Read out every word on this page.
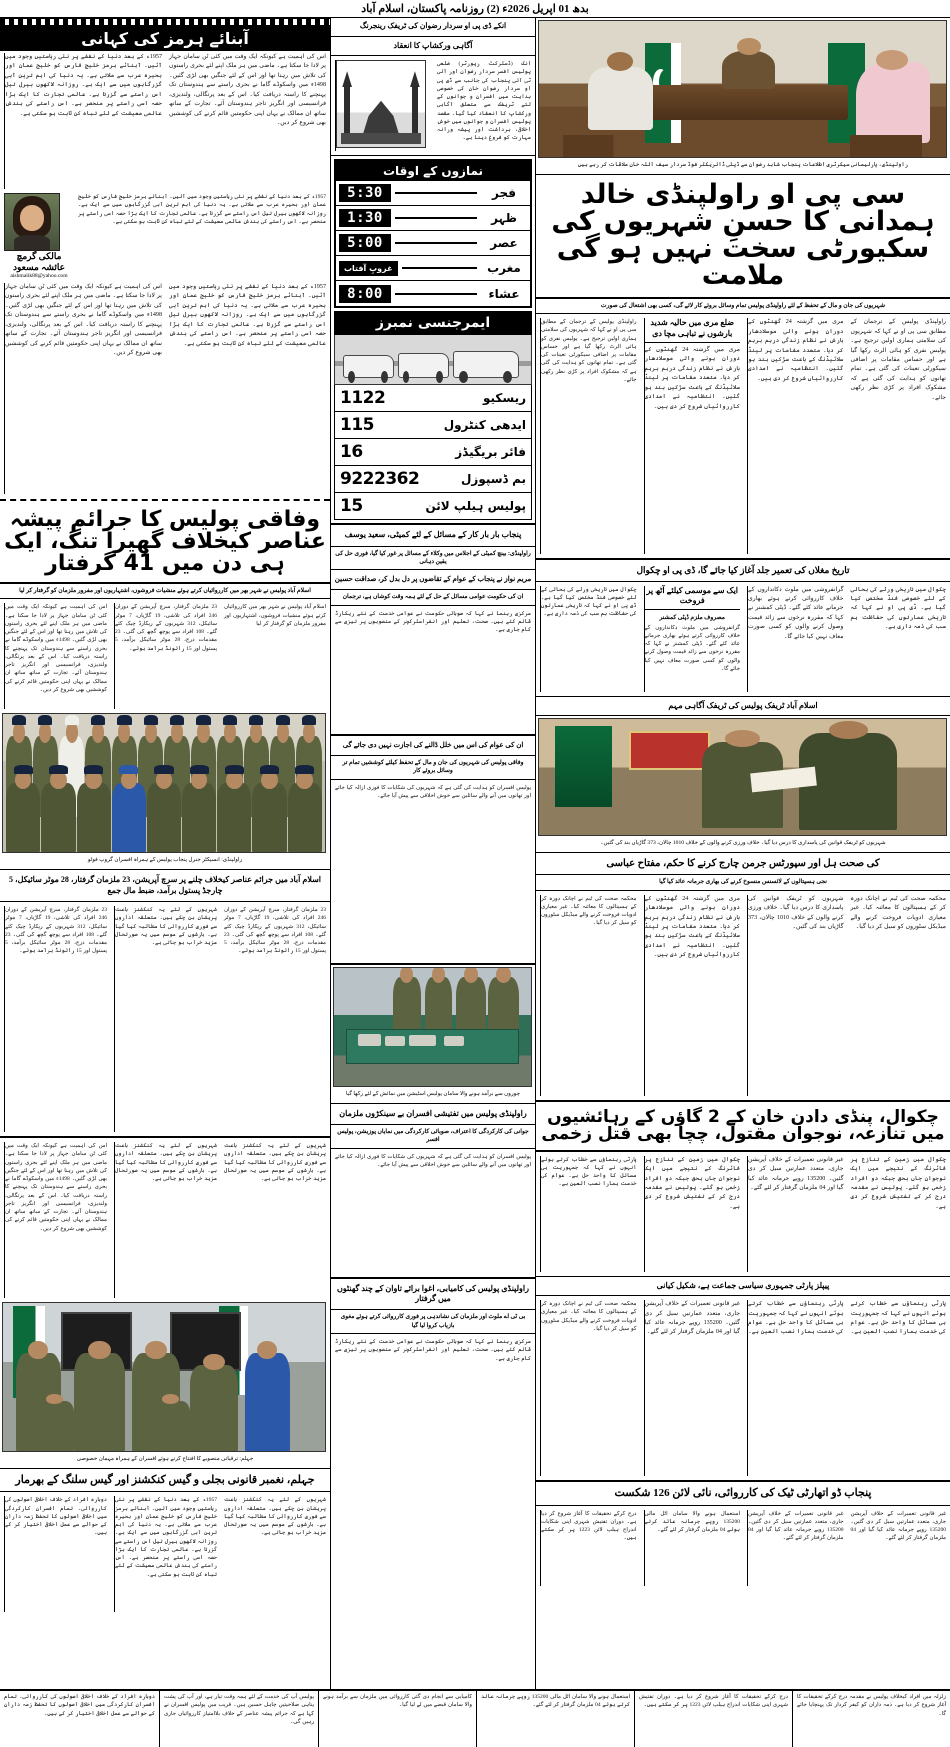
بدھ 01 اپریل 2026ء (2) روزنامہ پاکستان، اسلام آباد
راولپنڈی، پارلیمانی سیکرٹری اطلاعات پنجاب شاہد رضوان سے ڈپٹی ڈائریکٹر فوڈ سردار سیف اللہ خان ملاقات کر رہے ہیں
سی پی او راولپنڈی خالد ہمدانی کا حسنِ شہریوں کی سکیورٹی سخت نہیں ہو گی ملامت
شہریوں کی جان و مال کے تحفظ کے لئے راولپنڈی پولیس تمام وسائل بروئے کار لائے گی، کسی بھی اشتعال کی صورت
راولپنڈی پولیس کے ترجمان کے مطابق سی پی او نے کہا کہ شہریوں کی سلامتی ہماری اولین ترجیح ہے۔ پولیس نفری کو ہائی الرٹ رکھا گیا ہے اور حساس مقامات پر اضافی سیکورٹی تعینات کی گئی ہے۔ تمام تھانوں کو ہدایت کی گئی ہے کہ مشکوک افراد پر کڑی نظر رکھی جائے۔
مری میں گزشتہ 24 گھنٹوں کے دوران ہونے والی موسلادھار بارش نے نظام زندگی درہم برہم کر دیا۔ متعدد مقامات پر لینڈ سلائیڈنگ کے باعث سڑکیں بند ہو گئیں۔ انتظامیہ نے امدادی کارروائیاں شروع کر دی ہیں۔
ضلع مری میں حالیہ شدید بارشوں نے تباہی مچا دی
مری میں گزشتہ 24 گھنٹوں کے دوران ہونے والی موسلادھار بارش نے نظام زندگی درہم برہم کر دیا۔ متعدد مقامات پر لینڈ سلائیڈنگ کے باعث سڑکیں بند ہو گئیں۔ انتظامیہ نے امدادی کارروائیاں شروع کر دی ہیں۔
راولپنڈی پولیس کے ترجمان کے مطابق سی پی او نے کہا کہ شہریوں کی سلامتی ہماری اولین ترجیح ہے۔ پولیس نفری کو ہائی الرٹ رکھا گیا ہے اور حساس مقامات پر اضافی سیکورٹی تعینات کی گئی ہے۔ تمام تھانوں کو ہدایت کی گئی ہے کہ مشکوک افراد پر کڑی نظر رکھی جائے۔
تاریخ مغلاں کی تعمیر جلد آغاز کیا جائے گا، ڈی پی او چکوال
چکوال میں تاریخی ورثے کی بحالی کے لئے خصوصی فنڈ مختص کیا گیا ہے۔ ڈی پی او نے کہا کہ تاریخی عمارتوں کی حفاظت ہم سب کی ذمہ داری ہے۔
گرانفروشی میں ملوث دکانداروں کے خلاف کارروائی کرتے ہوئے بھاری جرمانے عائد کئے گئے۔ ڈپٹی کمشنر نے کہا کہ مقررہ نرخوں سے زائد قیمت وصول کرنے والوں کو کسی صورت معاف نہیں کیا جائے گا۔
ایک سے موسمی کیلئے آٹھ پر فروخت
مصروف ملزم ڈپٹی کمشنر
گرانفروشی میں ملوث دکانداروں کے خلاف کارروائی کرتے ہوئے بھاری جرمانے عائد کئے گئے۔ ڈپٹی کمشنر نے کہا کہ مقررہ نرخوں سے زائد قیمت وصول کرنے والوں کو کسی صورت معاف نہیں کیا جائے گا۔
چکوال میں تاریخی ورثے کی بحالی کے لئے خصوصی فنڈ مختص کیا گیا ہے۔ ڈی پی او نے کہا کہ تاریخی عمارتوں کی حفاظت ہم سب کی ذمہ داری ہے۔
اسلام آباد ٹریفک پولیس کی ٹریفک آگاہی مہم
شہریوں کو ٹریفک قوانین کی پاسداری کا درس دیا گیا۔ خلاف ورزی کرنے والوں کے خلاف 1010 چالان، 373 گاڑیاں بند کی گئیں۔
کی صحت ہل اور سپورٹس جرمن چارج کرنے کا حکم، مفتاح عباسی
نجی ہسپتالوں کے لائسنس منسوخ کرنے کی بھاری جرمانہ عائد کیا گیا
محکمہ صحت کی ٹیم نے اچانک دورہ کر کے ہسپتالوں کا معائنہ کیا۔ غیر معیاری ادویات فروخت کرنے والے میڈیکل سٹوروں کو سیل کر دیا گیا۔
شہریوں کو ٹریفک قوانین کی پاسداری کا درس دیا گیا۔ خلاف ورزی کرنے والوں کے خلاف 1010 چالان، 373 گاڑیاں بند کی گئیں۔
مری میں گزشتہ 24 گھنٹوں کے دوران ہونے والی موسلادھار بارش نے نظام زندگی درہم برہم کر دیا۔ متعدد مقامات پر لینڈ سلائیڈنگ کے باعث سڑکیں بند ہو گئیں۔ انتظامیہ نے امدادی کارروائیاں شروع کر دی ہیں۔
محکمہ صحت کی ٹیم نے اچانک دورہ کر کے ہسپتالوں کا معائنہ کیا۔ غیر معیاری ادویات فروخت کرنے والے میڈیکل سٹوروں کو سیل کر دیا گیا۔
چکوال، پنڈی دادن خان کے 2 گاؤں کے رہائشیوں میں تنازعہ، نوجوان مقتول، چچا بھی قتل زخمی
چکوال میں زمین کے تنازع پر فائرنگ کے نتیجے میں ایک نوجوان جاں بحق جبکہ دو افراد زخمی ہو گئے۔ پولیس نے مقدمہ درج کر کے تفتیش شروع کر دی ہے۔
غیر قانونی تعمیرات کے خلاف آپریشن جاری، متعدد عمارتیں سیل کر دی گئیں۔ 135200 روپے جرمانہ عائد کیا گیا اور 04 ملزمان گرفتار کر لئے گئے۔
چکوال میں زمین کے تنازع پر فائرنگ کے نتیجے میں ایک نوجوان جاں بحق جبکہ دو افراد زخمی ہو گئے۔ پولیس نے مقدمہ درج کر کے تفتیش شروع کر دی ہے۔
پارٹی رہنماؤں سے خطاب کرتے ہوئے انہوں نے کہا کہ جمہوریت ہی مسائل کا واحد حل ہے۔ عوام کی خدمت ہمارا نصب العین ہے۔
پیپلز پارٹی جمہوری سیاسی جماعت ہے، شکیل کیانی
پارٹی رہنماؤں سے خطاب کرتے ہوئے انہوں نے کہا کہ جمہوریت ہی مسائل کا واحد حل ہے۔ عوام کی خدمت ہمارا نصب العین ہے۔
پارٹی رہنماؤں سے خطاب کرتے ہوئے انہوں نے کہا کہ جمہوریت ہی مسائل کا واحد حل ہے۔ عوام کی خدمت ہمارا نصب العین ہے۔
غیر قانونی تعمیرات کے خلاف آپریشن جاری، متعدد عمارتیں سیل کر دی گئیں۔ 135200 روپے جرمانہ عائد کیا گیا اور 04 ملزمان گرفتار کر لئے گئے۔
محکمہ صحت کی ٹیم نے اچانک دورہ کر کے ہسپتالوں کا معائنہ کیا۔ غیر معیاری ادویات فروخت کرنے والے میڈیکل سٹوروں کو سیل کر دیا گیا۔
پنجاب ڈو اتھارٹی ٹیک کی کارروائی، نائی لائن 126 شکست
غیر قانونی تعمیرات کے خلاف آپریشن جاری، متعدد عمارتیں سیل کر دی گئیں۔ 135200 روپے جرمانہ عائد کیا گیا اور 04 ملزمان گرفتار کر لئے گئے۔
غیر قانونی تعمیرات کے خلاف آپریشن جاری، متعدد عمارتیں سیل کر دی گئیں۔ 135200 روپے جرمانہ عائد کیا گیا اور 04 ملزمان گرفتار کر لئے گئے۔
استعمال ہونے والا سامان اٹل مالی 135200 روپے جرمانہ عائد کرتے ہوئے 04 ملزمان گرفتار کر لئے گئے۔
درج کرکے تحقیقات کا آغاز شروع کر دیا ہے۔ دوران تفتیش شہری اپنی شکایات اندراج ہیلپ لائن 1223 پر کر سکتے ہیں۔
انکے ڈی پی او سردار رضوان کی ٹریفک رینجرنگ
آگاہی ورکشاپ کا انعقاد
انک (ڈسٹرکٹ رپورٹر) ضلعی پولیس افسر سردار رضوان اور آئی ٹی آئی پنجاب کی جانب سے ڈی پی او سردار رضوان خان کی خصوصی ہدایت میں افسران و جوانوں کے لئے ٹریفک سے متعلق آگاہی ورکشاپ کا انعقاد کیا گیا۔ مقصد پولیس افسران و جوانوں میں خوش اخلاقی، برداشت اور پیشہ ورانہ مہارت کو فروغ دینا ہے۔
نمازوں کے اوقات
فجر
5:30
ظہر
1:30
عصر
5:00
مغرب
غروبِ آفتاب
عشاء
8:00
ایمرجنسی نمبرز
ریسکیو
1122
ایدھی کنٹرول
115
فائر بریگیڈز
16
بم ڈسپوزل
9222362
پولیس ہیلپ لائن
15
پنجاب بار بار کار کے مسائل کے لئے کمیٹی، سعید یوسف
راولپنڈی: بینچ کمیٹی کے اجلاس میں وکلاء کے مسائل پر غور کیا گیا، فوری حل کی یقین دہانی
مریم نواز نے پنجاب کے عوام کے تقاضوں پر دل بدل کر، صداقت حسین
ان کی حکومت عوامی مسائل کے حل کے لئے ہمہ وقت کوشاں ہے، ترجمان
مرکزی رہنما نے کہا کہ صوبائی حکومت نے عوامی خدمت کے نئے ریکارڈ قائم کئے ہیں۔ صحت، تعلیم اور انفراسٹرکچر کے منصوبوں پر تیزی سے کام جاری ہے۔
ان کی عوام کی اس میں خلل ڈالنے کی اجازت نہیں دی جائے گی
وفاقی پولیس کی شہریوں کی جان و مال کے تحفظ کیلئے کوششیں تمام تر وسائل بروئے کار
پولیس افسران کو ہدایت کی گئی ہے کہ شہریوں کی شکایات کا فوری ازالہ کیا جائے اور تھانوں میں آنے والے سائلین سے خوش اخلاقی سے پیش آیا جائے۔
چوروں سے برآمد ہونے والا سامان پولیس اسٹیشن میں نمائش کے لئے رکھا گیا
راولپنڈی پولیس میں تفتیشی افسران بے سینکڑوں ملزمان
جوانی کی کارکردگی کا اعتراف، صوبائی کارکردگی میں نمایاں پوزیشن، پولیس افسر
پولیس افسران کو ہدایت کی گئی ہے کہ شہریوں کی شکایات کا فوری ازالہ کیا جائے اور تھانوں میں آنے والے سائلین سے خوش اخلاقی سے پیش آیا جائے۔
راولپنڈی پولیس کی کامیابی، اغوا برائے تاوان کے چند گھنٹوں میں گرفتار
بی ٹی اے ملوث اور ملزمان کی نشاندہی پر فوری کارروائی کرتے ہوئے مغوی بازیاب کروا لیا گیا
مرکزی رہنما نے کہا کہ صوبائی حکومت نے عوامی خدمت کے نئے ریکارڈ قائم کئے ہیں۔ صحت، تعلیم اور انفراسٹرکچر کے منصوبوں پر تیزی سے کام جاری ہے۔
آبنائے ہرمز کی کہانی
اس کی اہمیت ہے کیونکہ ایک وقت میں کئی ٹن سامان جہاز پر لادا جا سکتا ہے۔ ماضی میں ہر ملک اپنے لئے بحری راستوں کی تلاش میں رہتا تھا اور اس کے لئے جنگیں بھی لڑی گئیں۔ 1498ء میں واسکوڈے گاما نے بحری راستے سے ہندوستان تک پہنچنے کا راستہ دریافت کیا۔ اس کے بعد پرتگالی، ولندیزی، فرانسیسی اور انگریز تاجر ہندوستان آئے۔ تجارت کے ساتھ ساتھ ان ممالک نے یہاں اپنی حکومتیں قائم کرنے کی کوششیں بھی شروع کر دیں۔
1957ء کے بعد دنیا کے نقشے پر نئی ریاستیں وجود میں آئیں۔ آبنائے ہرمز خلیج فارس کو خلیج عمان اور بحیرہ عرب سے ملاتی ہے۔ یہ دنیا کی اہم ترین آبی گزرگاہوں میں سے ایک ہے۔ روزانہ لاکھوں بیرل تیل اس راستے سے گزرتا ہے۔ عالمی تجارت کا ایک بڑا حصہ اسی راستے پر منحصر ہے۔ اس راستے کی بندش عالمی معیشت کے لئے تباہ کن ثابت ہو سکتی ہے۔
1957ء کے بعد دنیا کے نقشے پر نئی ریاستیں وجود میں آئیں۔ آبنائے ہرمز خلیج فارس کو خلیج عمان اور بحیرہ عرب سے ملاتی ہے۔ یہ دنیا کی اہم ترین آبی گزرگاہوں میں سے ایک ہے۔ روزانہ لاکھوں بیرل تیل اس راستے سے گزرتا ہے۔ عالمی تجارت کا ایک بڑا حصہ اسی راستے پر منحصر ہے۔ اس راستے کی بندش عالمی معیشت کے لئے تباہ کن ثابت ہو سکتی ہے۔
مالکی گرمچ
عائشہ مسعود
aishmalik88@yahoo.com
1957ء کے بعد دنیا کے نقشے پر نئی ریاستیں وجود میں آئیں۔ آبنائے ہرمز خلیج فارس کو خلیج عمان اور بحیرہ عرب سے ملاتی ہے۔ یہ دنیا کی اہم ترین آبی گزرگاہوں میں سے ایک ہے۔ روزانہ لاکھوں بیرل تیل اس راستے سے گزرتا ہے۔ عالمی تجارت کا ایک بڑا حصہ اسی راستے پر منحصر ہے۔ اس راستے کی بندش عالمی معیشت کے لئے تباہ کن ثابت ہو سکتی ہے۔
اس کی اہمیت ہے کیونکہ ایک وقت میں کئی ٹن سامان جہاز پر لادا جا سکتا ہے۔ ماضی میں ہر ملک اپنے لئے بحری راستوں کی تلاش میں رہتا تھا اور اس کے لئے جنگیں بھی لڑی گئیں۔ 1498ء میں واسکوڈے گاما نے بحری راستے سے ہندوستان تک پہنچنے کا راستہ دریافت کیا۔ اس کے بعد پرتگالی، ولندیزی، فرانسیسی اور انگریز تاجر ہندوستان آئے۔ تجارت کے ساتھ ساتھ ان ممالک نے یہاں اپنی حکومتیں قائم کرنے کی کوششیں بھی شروع کر دیں۔
وفاقی پولیس کا جرائم پیشہ عناصر کیخلاف گھیرا تنگ، ایک ہی دن میں 41 گرفتار
اسلام آباد پولیس نے شہر بھر میں کارروائیاں کرتے ہوئے منشیات فروشوں، اشتہاریوں اور مفرور ملزمان کو گرفتار کر لیا
اسلام آباد پولیس نے شہر بھر میں کارروائیاں کرتے ہوئے منشیات فروشوں، اشتہاریوں اور مفرور ملزمان کو گرفتار کر لیا
23 ملزمان گرفتار، سرچ آپریشن کے دوران 246 افراد کی تلاشی، 19 گاڑیاں، 7 موٹر سائیکل، 312 شہریوں کے ریکارڈ چیک کئے گئے۔ 108 افراد سے پوچھ گچھ کی گئی۔ 23 مقدمات درج، 28 موٹر سائیکل برآمد، 5 پستول اور 15 رائونڈ برآمد ہوئے۔
اس کی اہمیت ہے کیونکہ ایک وقت میں کئی ٹن سامان جہاز پر لادا جا سکتا ہے۔ ماضی میں ہر ملک اپنے لئے بحری راستوں کی تلاش میں رہتا تھا اور اس کے لئے جنگیں بھی لڑی گئیں۔ 1498ء میں واسکوڈے گاما نے بحری راستے سے ہندوستان تک پہنچنے کا راستہ دریافت کیا۔ اس کے بعد پرتگالی، ولندیزی، فرانسیسی اور انگریز تاجر ہندوستان آئے۔ تجارت کے ساتھ ساتھ ان ممالک نے یہاں اپنی حکومتیں قائم کرنے کی کوششیں بھی شروع کر دیں۔
راولپنڈی: انسپکٹر جنرل پنجاب پولیس کے ہمراہ افسران گروپ فوٹو
اسلام آباد میں جرائم عناصر کیخلاف چلنے پر سرچ آپریشن، 23 ملزمان گرفتار، 28 موٹر سائیکل، 5 چارجڈ پستول برآمد، ضبط مال جمع
23 ملزمان گرفتار، سرچ آپریشن کے دوران 246 افراد کی تلاشی، 19 گاڑیاں، 7 موٹر سائیکل، 312 شہریوں کے ریکارڈ چیک کئے گئے۔ 108 افراد سے پوچھ گچھ کی گئی۔ 23 مقدمات درج، 28 موٹر سائیکل برآمد، 5 پستول اور 15 رائونڈ برآمد ہوئے۔
شہریوں کے لئے یہ کنکشنز باعث پریشان بن چکے ہیں۔ متعلقہ اداروں سے فوری کارروائی کا مطالبہ کیا گیا ہے۔ بارشوں کے موسم میں یہ صورتحال مزید خراب ہو جاتی ہے۔
23 ملزمان گرفتار، سرچ آپریشن کے دوران 246 افراد کی تلاشی، 19 گاڑیاں، 7 موٹر سائیکل، 312 شہریوں کے ریکارڈ چیک کئے گئے۔ 108 افراد سے پوچھ گچھ کی گئی۔ 23 مقدمات درج، 28 موٹر سائیکل برآمد، 5 پستول اور 15 رائونڈ برآمد ہوئے۔
شہریوں کے لئے یہ کنکشنز باعث پریشان بن چکے ہیں۔ متعلقہ اداروں سے فوری کارروائی کا مطالبہ کیا گیا ہے۔ بارشوں کے موسم میں یہ صورتحال مزید خراب ہو جاتی ہے۔
شہریوں کے لئے یہ کنکشنز باعث پریشان بن چکے ہیں۔ متعلقہ اداروں سے فوری کارروائی کا مطالبہ کیا گیا ہے۔ بارشوں کے موسم میں یہ صورتحال مزید خراب ہو جاتی ہے۔
اس کی اہمیت ہے کیونکہ ایک وقت میں کئی ٹن سامان جہاز پر لادا جا سکتا ہے۔ ماضی میں ہر ملک اپنے لئے بحری راستوں کی تلاش میں رہتا تھا اور اس کے لئے جنگیں بھی لڑی گئیں۔ 1498ء میں واسکوڈے گاما نے بحری راستے سے ہندوستان تک پہنچنے کا راستہ دریافت کیا۔ اس کے بعد پرتگالی، ولندیزی، فرانسیسی اور انگریز تاجر ہندوستان آئے۔ تجارت کے ساتھ ساتھ ان ممالک نے یہاں اپنی حکومتیں قائم کرنے کی کوششیں بھی شروع کر دیں۔
جہلم: ترقیاتی منصوبے کا افتتاح کرتے ہوئے افسران کے ہمراہ مہمان خصوصی
جہلم، نغمبر قانونی بجلی و گیس کنکشنز اور گیس سلنگ کے بھرمار
شہریوں کے لئے یہ کنکشنز باعث پریشان بن چکے ہیں۔ متعلقہ اداروں سے فوری کارروائی کا مطالبہ کیا گیا ہے۔ بارشوں کے موسم میں یہ صورتحال مزید خراب ہو جاتی ہے۔
1957ء کے بعد دنیا کے نقشے پر نئی ریاستیں وجود میں آئیں۔ آبنائے ہرمز خلیج فارس کو خلیج عمان اور بحیرہ عرب سے ملاتی ہے۔ یہ دنیا کی اہم ترین آبی گزرگاہوں میں سے ایک ہے۔ روزانہ لاکھوں بیرل تیل اس راستے سے گزرتا ہے۔ عالمی تجارت کا ایک بڑا حصہ اسی راستے پر منحصر ہے۔ اس راستے کی بندش عالمی معیشت کے لئے تباہ کن ثابت ہو سکتی ہے۔
دوبارہ افراد کے خلاف اخلاقی اصولوں کی کارروائی۔ تمام افسران کارکردگی میں اخلاقی اصولوں کا تحفظ زمہ داران کے حوالے سے عمل اخلاقی اختیار کر کے ہیں۔
زلزلہ میں افراد کیخلاف پولیس نے مقدمہ درج کرکے تحقیقات کا آغاز شروع کر دیا ہے۔ ذمہ داران کو کیفر کردار تک پہنچایا جائے گا۔
درج کرکے تحقیقات کا آغاز شروع کر دیا ہے۔ دوران تفتیش شہری اپنی شکایات اندراج ہیلپ لائن 1223 پر کر سکتے ہیں۔
استعمال ہونے والا سامان اٹل مالی 135200 روپے جرمانہ عائد کرتے ہوئے 04 ملزمان گرفتار کر لئے گئے۔
کامیابی سے انجام دی گئی کارروائی میں ملزمان سے برآمد ہونے والا سامان قبضے میں لے لیا گیا۔
پولیس آپ کی خدمت کے لئے ہمہ وقت تیار ہے، اور آپ کی پشت پناہی صلاحیتیں چاہل حسین ہیں۔ قریب میں پولیس افسران نے کہا ہے کہ جرائم پیشہ عناصر کے خلاف بلاامتیاز کارروائیاں جاری رہیں گی۔
دوبارہ افراد کے خلاف اخلاقی اصولوں کی کارروائی۔ تمام افسران کارکردگی میں اخلاقی اصولوں کا تحفظ زمہ داران کے حوالے سے عمل اخلاقی اختیار کر کے ہیں۔
